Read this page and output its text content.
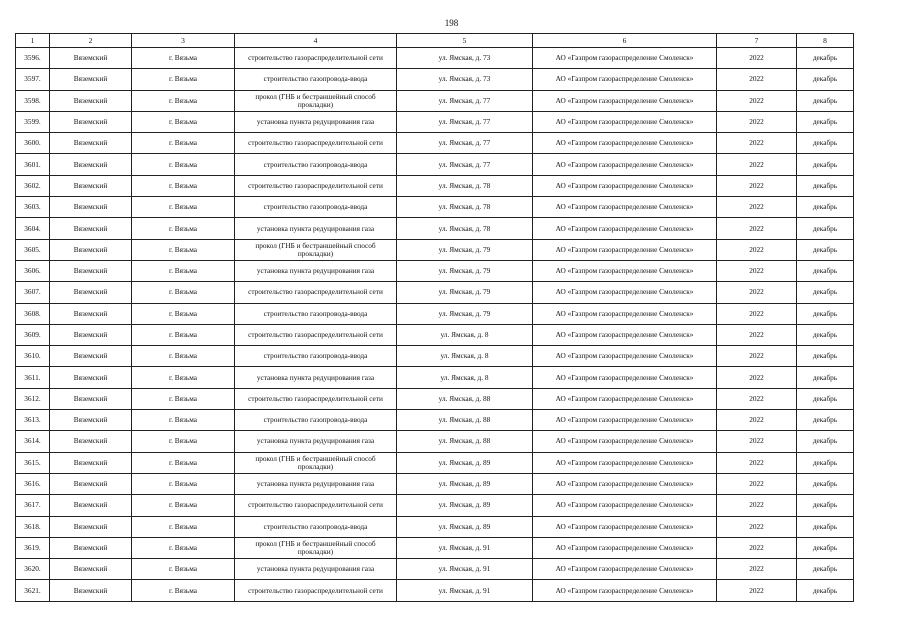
198
1	2	3	4	5	6	7	8
3596.	Вяземский	г. Вязьма	строительство газораспределительной сети	ул. Ямская, д. 73	АО «Газпром газораспределение Смоленск»	2022	декабрь
3597.	Вяземский	г. Вязьма	строительство газопровода-ввода	ул. Ямская, д. 73	АО «Газпром газораспределение Смоленск»	2022	декабрь
3598.	Вяземский	г. Вязьма	прокол (ГНБ и бестраншейный способ прокладки)	ул. Ямская, д. 77	АО «Газпром газораспределение Смоленск»	2022	декабрь
3599.	Вяземский	г. Вязьма	установка пункта редуцирования газа	ул. Ямская, д. 77	АО «Газпром газораспределение Смоленск»	2022	декабрь
3600.	Вяземский	г. Вязьма	строительство газораспределительной сети	ул. Ямская, д. 77	АО «Газпром газораспределение Смоленск»	2022	декабрь
3601.	Вяземский	г. Вязьма	строительство газопровода-ввода	ул. Ямская, д. 77	АО «Газпром газораспределение Смоленск»	2022	декабрь
3602.	Вяземский	г. Вязьма	строительство газораспределительной сети	ул. Ямская, д. 78	АО «Газпром газораспределение Смоленск»	2022	декабрь
3603.	Вяземский	г. Вязьма	строительство газопровода-ввода	ул. Ямская, д. 78	АО «Газпром газораспределение Смоленск»	2022	декабрь
3604.	Вяземский	г. Вязьма	установка пункта редуцирования газа	ул. Ямская, д. 78	АО «Газпром газораспределение Смоленск»	2022	декабрь
3605.	Вяземский	г. Вязьма	прокол (ГНБ и бестраншейный способ прокладки)	ул. Ямская, д. 79	АО «Газпром газораспределение Смоленск»	2022	декабрь
3606.	Вяземский	г. Вязьма	установка пункта редуцирования газа	ул. Ямская, д. 79	АО «Газпром газораспределение Смоленск»	2022	декабрь
3607.	Вяземский	г. Вязьма	строительство газораспределительной сети	ул. Ямская, д. 79	АО «Газпром газораспределение Смоленск»	2022	декабрь
3608.	Вяземский	г. Вязьма	строительство газопровода-ввода	ул. Ямская, д. 79	АО «Газпром газораспределение Смоленск»	2022	декабрь
3609.	Вяземский	г. Вязьма	строительство газораспределительной сети	ул. Ямская, д. 8	АО «Газпром газораспределение Смоленск»	2022	декабрь
3610.	Вяземский	г. Вязьма	строительство газопровода-ввода	ул. Ямская, д. 8	АО «Газпром газораспределение Смоленск»	2022	декабрь
3611.	Вяземский	г. Вязьма	установка пункта редуцирования газа	ул. Ямская, д. 8	АО «Газпром газораспределение Смоленск»	2022	декабрь
3612.	Вяземский	г. Вязьма	строительство газораспределительной сети	ул. Ямская, д. 88	АО «Газпром газораспределение Смоленск»	2022	декабрь
3613.	Вяземский	г. Вязьма	строительство газопровода-ввода	ул. Ямская, д. 88	АО «Газпром газораспределение Смоленск»	2022	декабрь
3614.	Вяземский	г. Вязьма	установка пункта редуцирования газа	ул. Ямская, д. 88	АО «Газпром газораспределение Смоленск»	2022	декабрь
3615.	Вяземский	г. Вязьма	прокол (ГНБ и бестраншейный способ прокладки)	ул. Ямская, д. 89	АО «Газпром газораспределение Смоленск»	2022	декабрь
3616.	Вяземский	г. Вязьма	установка пункта редуцирования газа	ул. Ямская, д. 89	АО «Газпром газораспределение Смоленск»	2022	декабрь
3617.	Вяземский	г. Вязьма	строительство газораспределительной сети	ул. Ямская, д. 89	АО «Газпром газораспределение Смоленск»	2022	декабрь
3618.	Вяземский	г. Вязьма	строительство газопровода-ввода	ул. Ямская, д. 89	АО «Газпром газораспределение Смоленск»	2022	декабрь
3619.	Вяземский	г. Вязьма	прокол (ГНБ и бестраншейный способ прокладки)	ул. Ямская, д. 91	АО «Газпром газораспределение Смоленск»	2022	декабрь
3620.	Вяземский	г. Вязьма	установка пункта редуцирования газа	ул. Ямская, д. 91	АО «Газпром газораспределение Смоленск»	2022	декабрь
3621.	Вяземский	г. Вязьма	строительство газораспределительной сети	ул. Ямская, д. 91	АО «Газпром газораспределение Смоленск»	2022	декабрь
